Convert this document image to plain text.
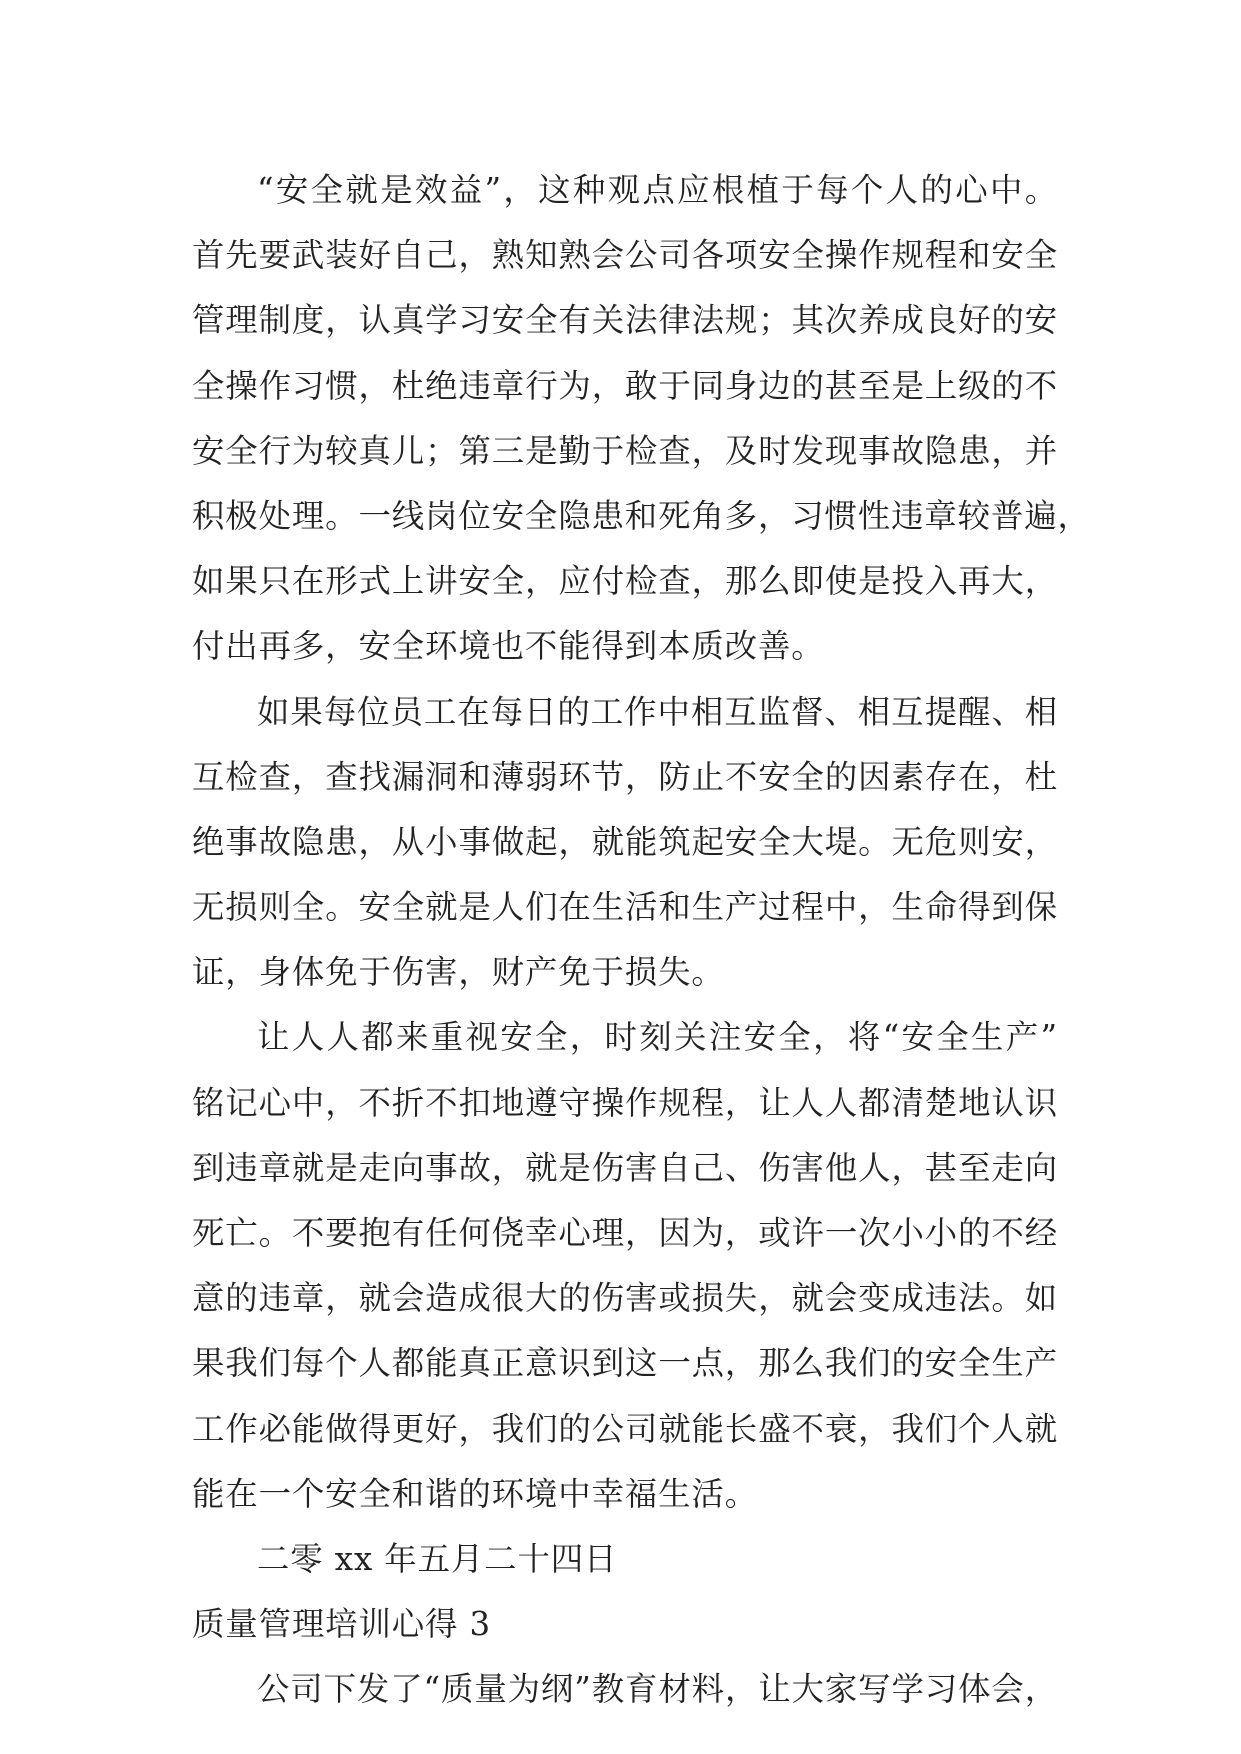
“安全就是效益”，这种观点应根植于每个人的心中。
首先要武装好自己，熟知熟会公司各项安全操作规程和安全
管理制度，认真学习安全有关法律法规；其次养成良好的安
全操作习惯，杜绝违章行为，敢于同身边的甚至是上级的不
安全行为较真儿；第三是勤于检查，及时发现事故隐患，并
积极处理。一线岗位安全隐患和死角多，习惯性违章较普遍，
如果只在形式上讲安全，应付检查，那么即使是投入再大，
付出再多，安全环境也不能得到本质改善。
如果每位员工在每日的工作中相互监督、相互提醒、相
互检查，查找漏洞和薄弱环节，防止不安全的因素存在，杜
绝事故隐患，从小事做起，就能筑起安全大堤。无危则安，
无损则全。安全就是人们在生活和生产过程中，生命得到保
证，身体免于伤害，财产免于损失。
让人人都来重视安全，时刻关注安全，将“安全生产”
铭记心中，不折不扣地遵守操作规程，让人人都清楚地认识
到违章就是走向事故，就是伤害自己、伤害他人，甚至走向
死亡。不要抱有任何侥幸心理，因为，或许一次小小的不经
意的违章，就会造成很大的伤害或损失，就会变成违法。如
果我们每个人都能真正意识到这一点，那么我们的安全生产
工作必能做得更好，我们的公司就能长盛不衰，我们个人就
能在一个安全和谐的环境中幸福生活。
二零 xx 年五月二十四日
质量管理培训心得 3
公司下发了“质量为纲”教育材料，让大家写学习体会，
